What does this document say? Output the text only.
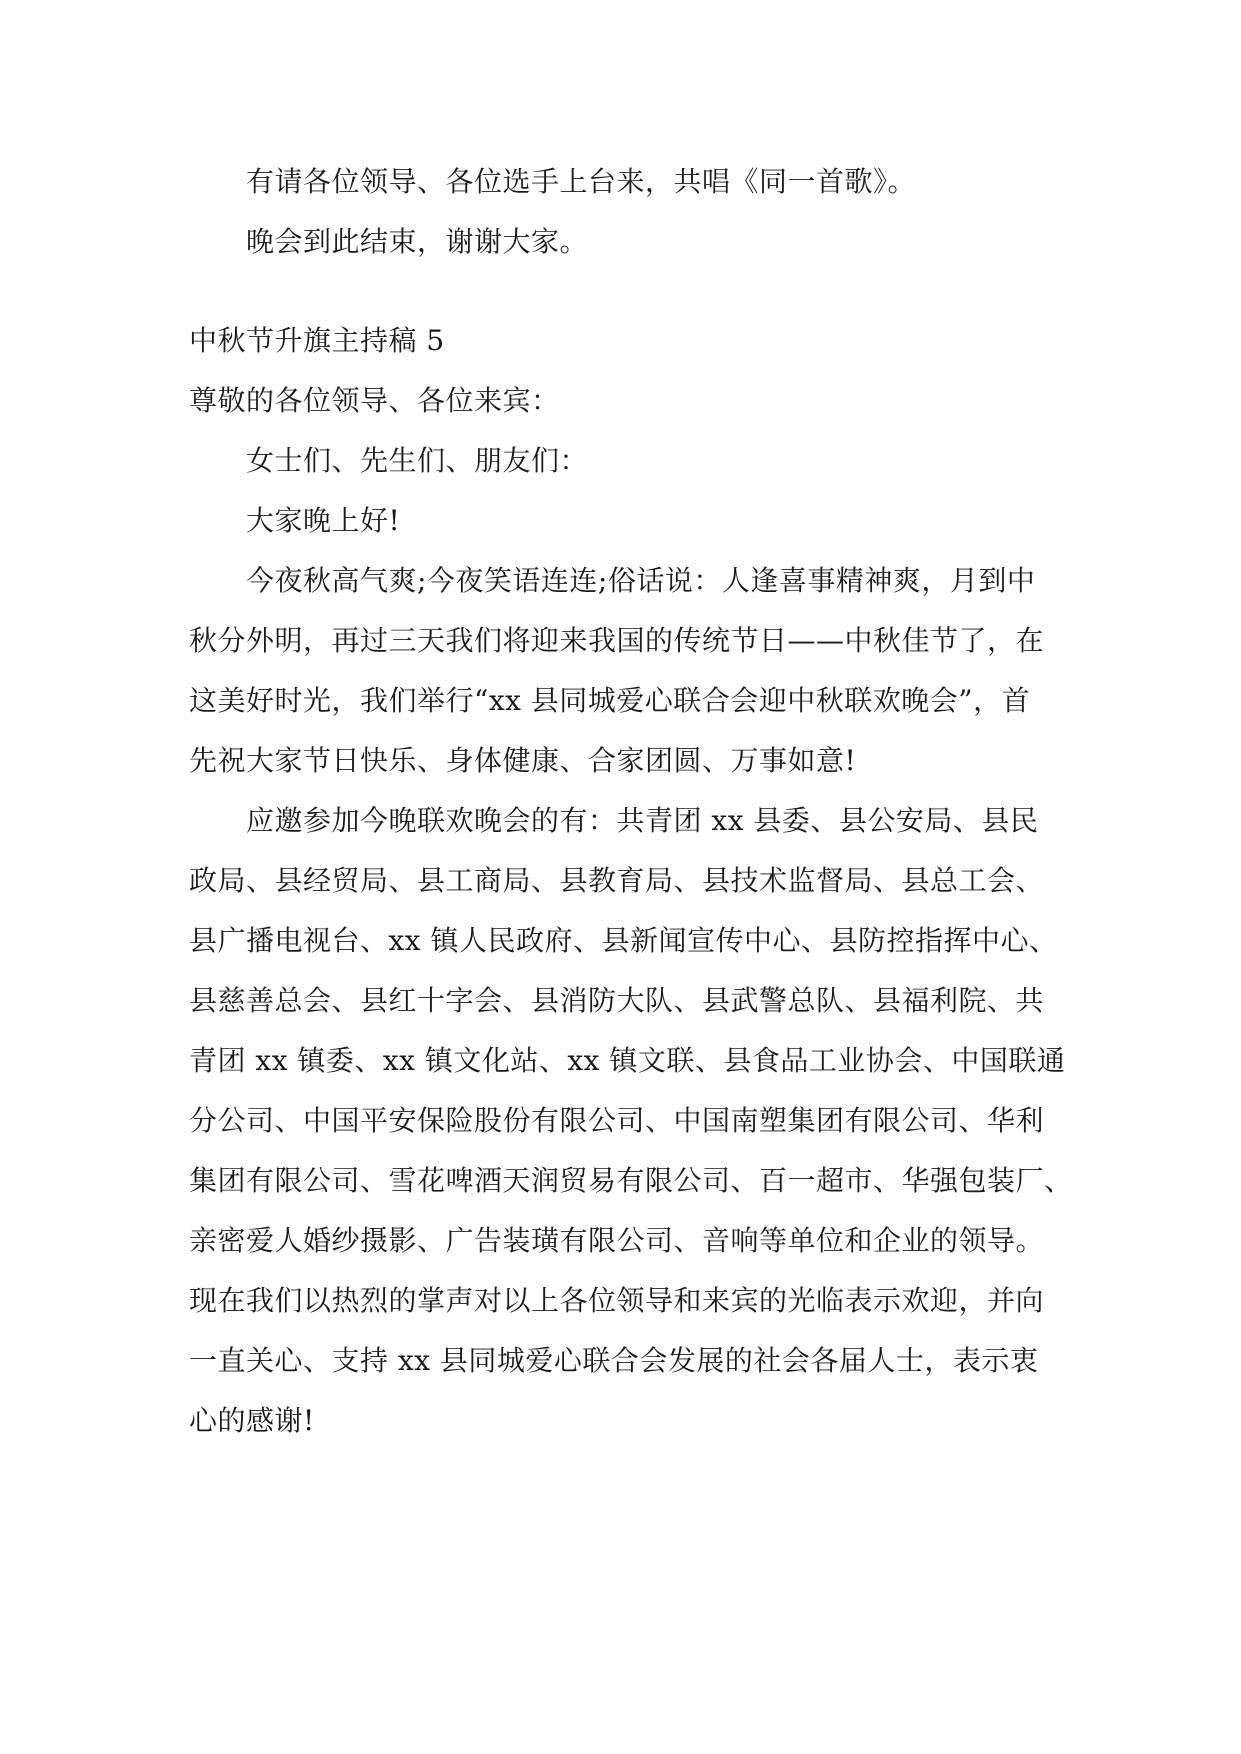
有请各位领导、各位选手上台来，共唱《同一首歌》。
晚会到此结束，谢谢大家。
中秋节升旗主持稿 5
尊敬的各位领导、各位来宾：
女士们、先生们、朋友们：
大家晚上好!
今夜秋高气爽;今夜笑语连连;俗话说：人逢喜事精神爽，月到中
秋分外明，再过三天我们将迎来我国的传统节日——中秋佳节了，在
这美好时光，我们举行“xx 县同城爱心联合会迎中秋联欢晚会”，首
先祝大家节日快乐、身体健康、合家团圆、万事如意!
应邀参加今晚联欢晚会的有：共青团 xx 县委、县公安局、县民
政局、县经贸局、县工商局、县教育局、县技术监督局、县总工会、
县广播电视台、xx 镇人民政府、县新闻宣传中心、县防控指挥中心、
县慈善总会、县红十字会、县消防大队、县武警总队、县福利院、共
青团 xx 镇委、xx 镇文化站、xx 镇文联、县食品工业协会、中国联通
分公司、中国平安保险股份有限公司、中国南塑集团有限公司、华利
集团有限公司、雪花啤酒天润贸易有限公司、百一超市、华强包装厂、
亲密爱人婚纱摄影、广告装璜有限公司、音响等单位和企业的领导。
现在我们以热烈的掌声对以上各位领导和来宾的光临表示欢迎，并向
一直关心、支持 xx 县同城爱心联合会发展的社会各届人士，表示衷
心的感谢!
